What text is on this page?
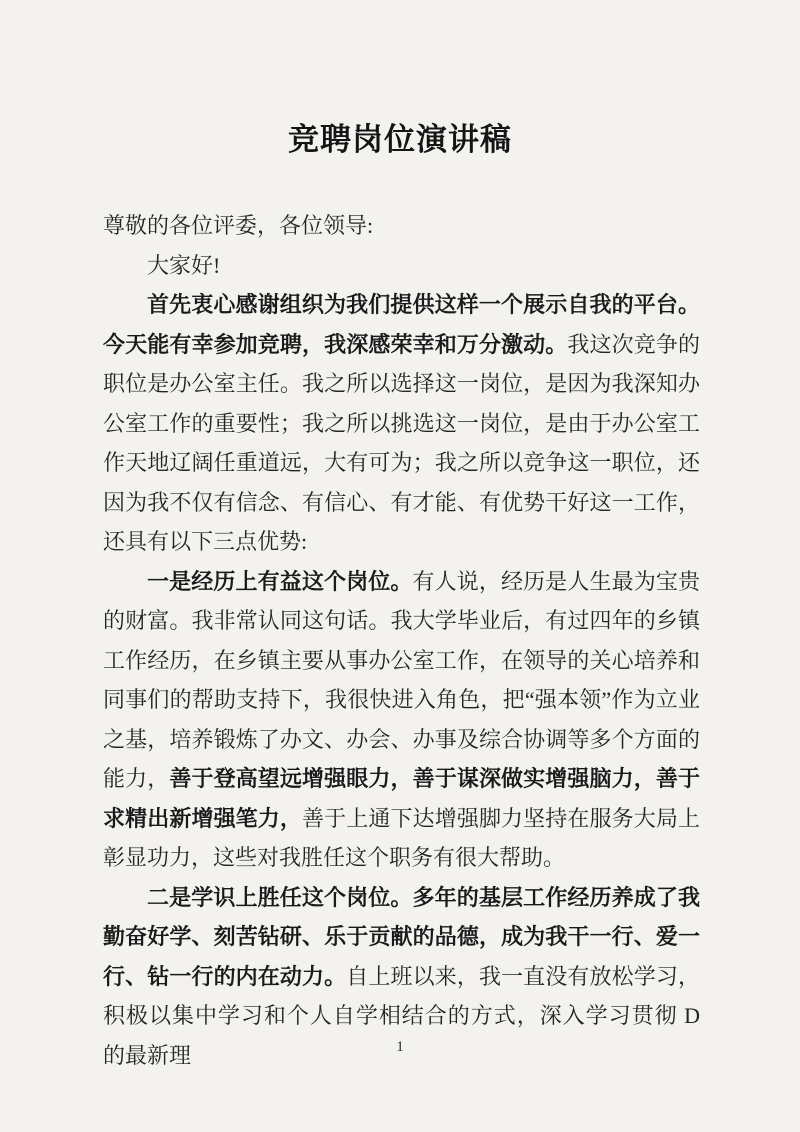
竞聘岗位演讲稿

尊敬的各位评委，各位领导:

大家好!

首先衷心感谢组织为我们提供这样一个展示自我的平台。今天能有幸参加竞聘，我深感荣幸和万分激动。我这次竞争的职位是办公室主任。我之所以选择这一岗位，是因为我深知办公室工作的重要性；我之所以挑选这一岗位，是由于办公室工作天地辽阔任重道远，大有可为；我之所以竞争这一职位，还因为我不仅有信念、有信心、有才能、有优势干好这一工作，还具有以下三点优势:

一是经历上有益这个岗位。有人说，经历是人生最为宝贵的财富。我非常认同这句话。我大学毕业后，有过四年的乡镇工作经历，在乡镇主要从事办公室工作，在领导的关心培养和同事们的帮助支持下，我很快进入角色，把“强本领”作为立业之基，培养锻炼了办文、办会、办事及综合协调等多个方面的能力，善于登高望远增强眼力，善于谋深做实增强脑力，善于求精出新增强笔力，善于上通下达增强脚力坚持在服务大局上彰显功力，这些对我胜任这个职务有很大帮助。

二是学识上胜任这个岗位。多年的基层工作经历养成了我勤奋好学、刻苦钻研、乐于贡献的品德，成为我干一行、爱一行、钻一行的内在动力。自上班以来，我一直没有放松学习，积极以集中学习和个人自学相结合的方式，深入学习贯彻 D 的最新理	1
